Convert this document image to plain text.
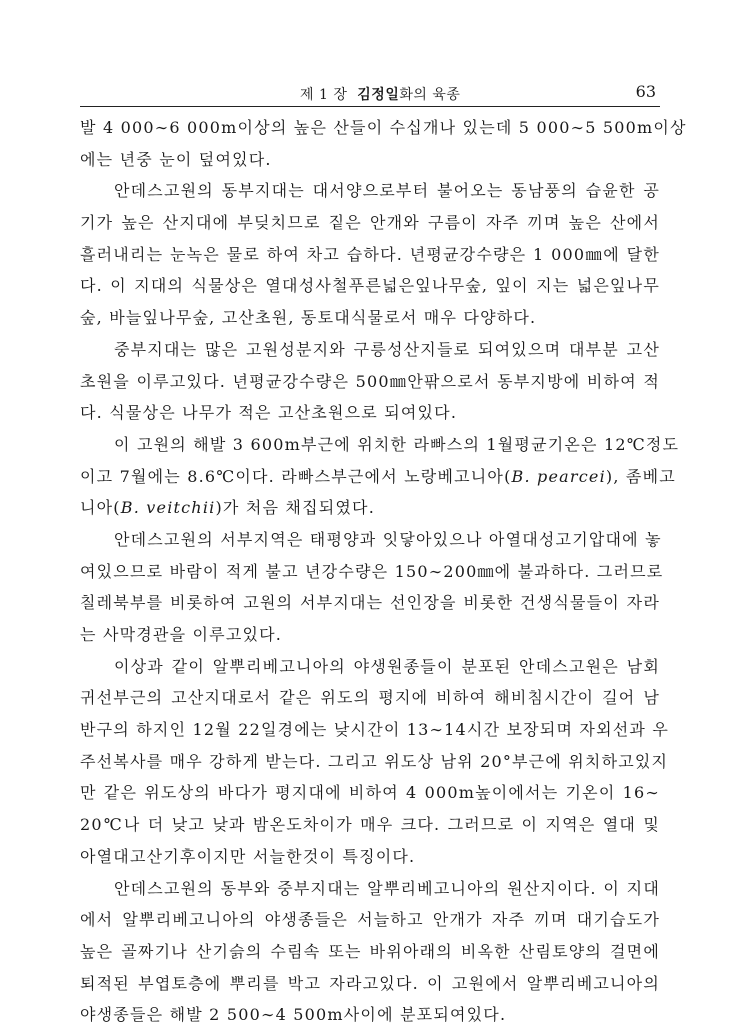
제 1 장 김정일화의 육종	63
발 4 000∼6 000m이상의 높은 산들이 수십개나 있는데 5 000∼5 500m이상
에는 년중 눈이 덮여있다.
안데스고원의 동부지대는 대서양으로부터 불어오는 동남풍의 습윤한 공
기가 높은 산지대에 부딪치므로 짙은 안개와 구름이 자주 끼며 높은 산에서
흘러내리는 눈녹은 물로 하여 차고 습하다. 년평균강수량은 1 000㎜에 달한
다. 이 지대의 식물상은 열대성사철푸른넓은잎나무숲, 잎이 지는 넓은잎나무
숲, 바늘잎나무숲, 고산초원, 동토대식물로서 매우 다양하다.
중부지대는 많은 고원성분지와 구릉성산지들로 되여있으며 대부분 고산
초원을 이루고있다. 년평균강수량은 500㎜안팎으로서 동부지방에 비하여 적
다. 식물상은 나무가 적은 고산초원으로 되여있다.
이 고원의 해발 3 600m부근에 위치한 라빠스의 1월평균기온은 12℃정도
이고 7월에는 8.6℃이다. 라빠스부근에서 노랑베고니아(B. pearcei), 좀베고
니아(B. veitchii)가 처음 채집되였다.
안데스고원의 서부지역은 태평양과 잇닿아있으나 아열대성고기압대에 놓
여있으므로 바람이 적게 불고 년강수량은 150∼200㎜에 불과하다. 그러므로
칠레북부를 비롯하여 고원의 서부지대는 선인장을 비롯한 건생식물들이 자라
는 사막경관을 이루고있다.
이상과 같이 알뿌리베고니아의 야생원종들이 분포된 안데스고원은 남회
귀선부근의 고산지대로서 같은 위도의 평지에 비하여 해비침시간이 길어 남
반구의 하지인 12월 22일경에는 낮시간이 13∼14시간 보장되며 자외선과 우
주선복사를 매우 강하게 받는다. 그리고 위도상 남위 20°부근에 위치하고있지
만 같은 위도상의 바다가 평지대에 비하여 4 000m높이에서는 기온이 16∼
20℃나 더 낮고 낮과 밤온도차이가 매우 크다. 그러므로 이 지역은 열대 및
아열대고산기후이지만 서늘한것이 특징이다.
안데스고원의 동부와 중부지대는 알뿌리베고니아의 원산지이다. 이 지대
에서 알뿌리베고니아의 야생종들은 서늘하고 안개가 자주 끼며 대기습도가
높은 골짜기나 산기슭의 수림속 또는 바위아래의 비옥한 산림토양의 걸면에
퇴적된 부엽토층에 뿌리를 박고 자라고있다. 이 고원에서 알뿌리베고니아의
야생종들은 해발 2 500∼4 500m사이에 분포되여있다.
